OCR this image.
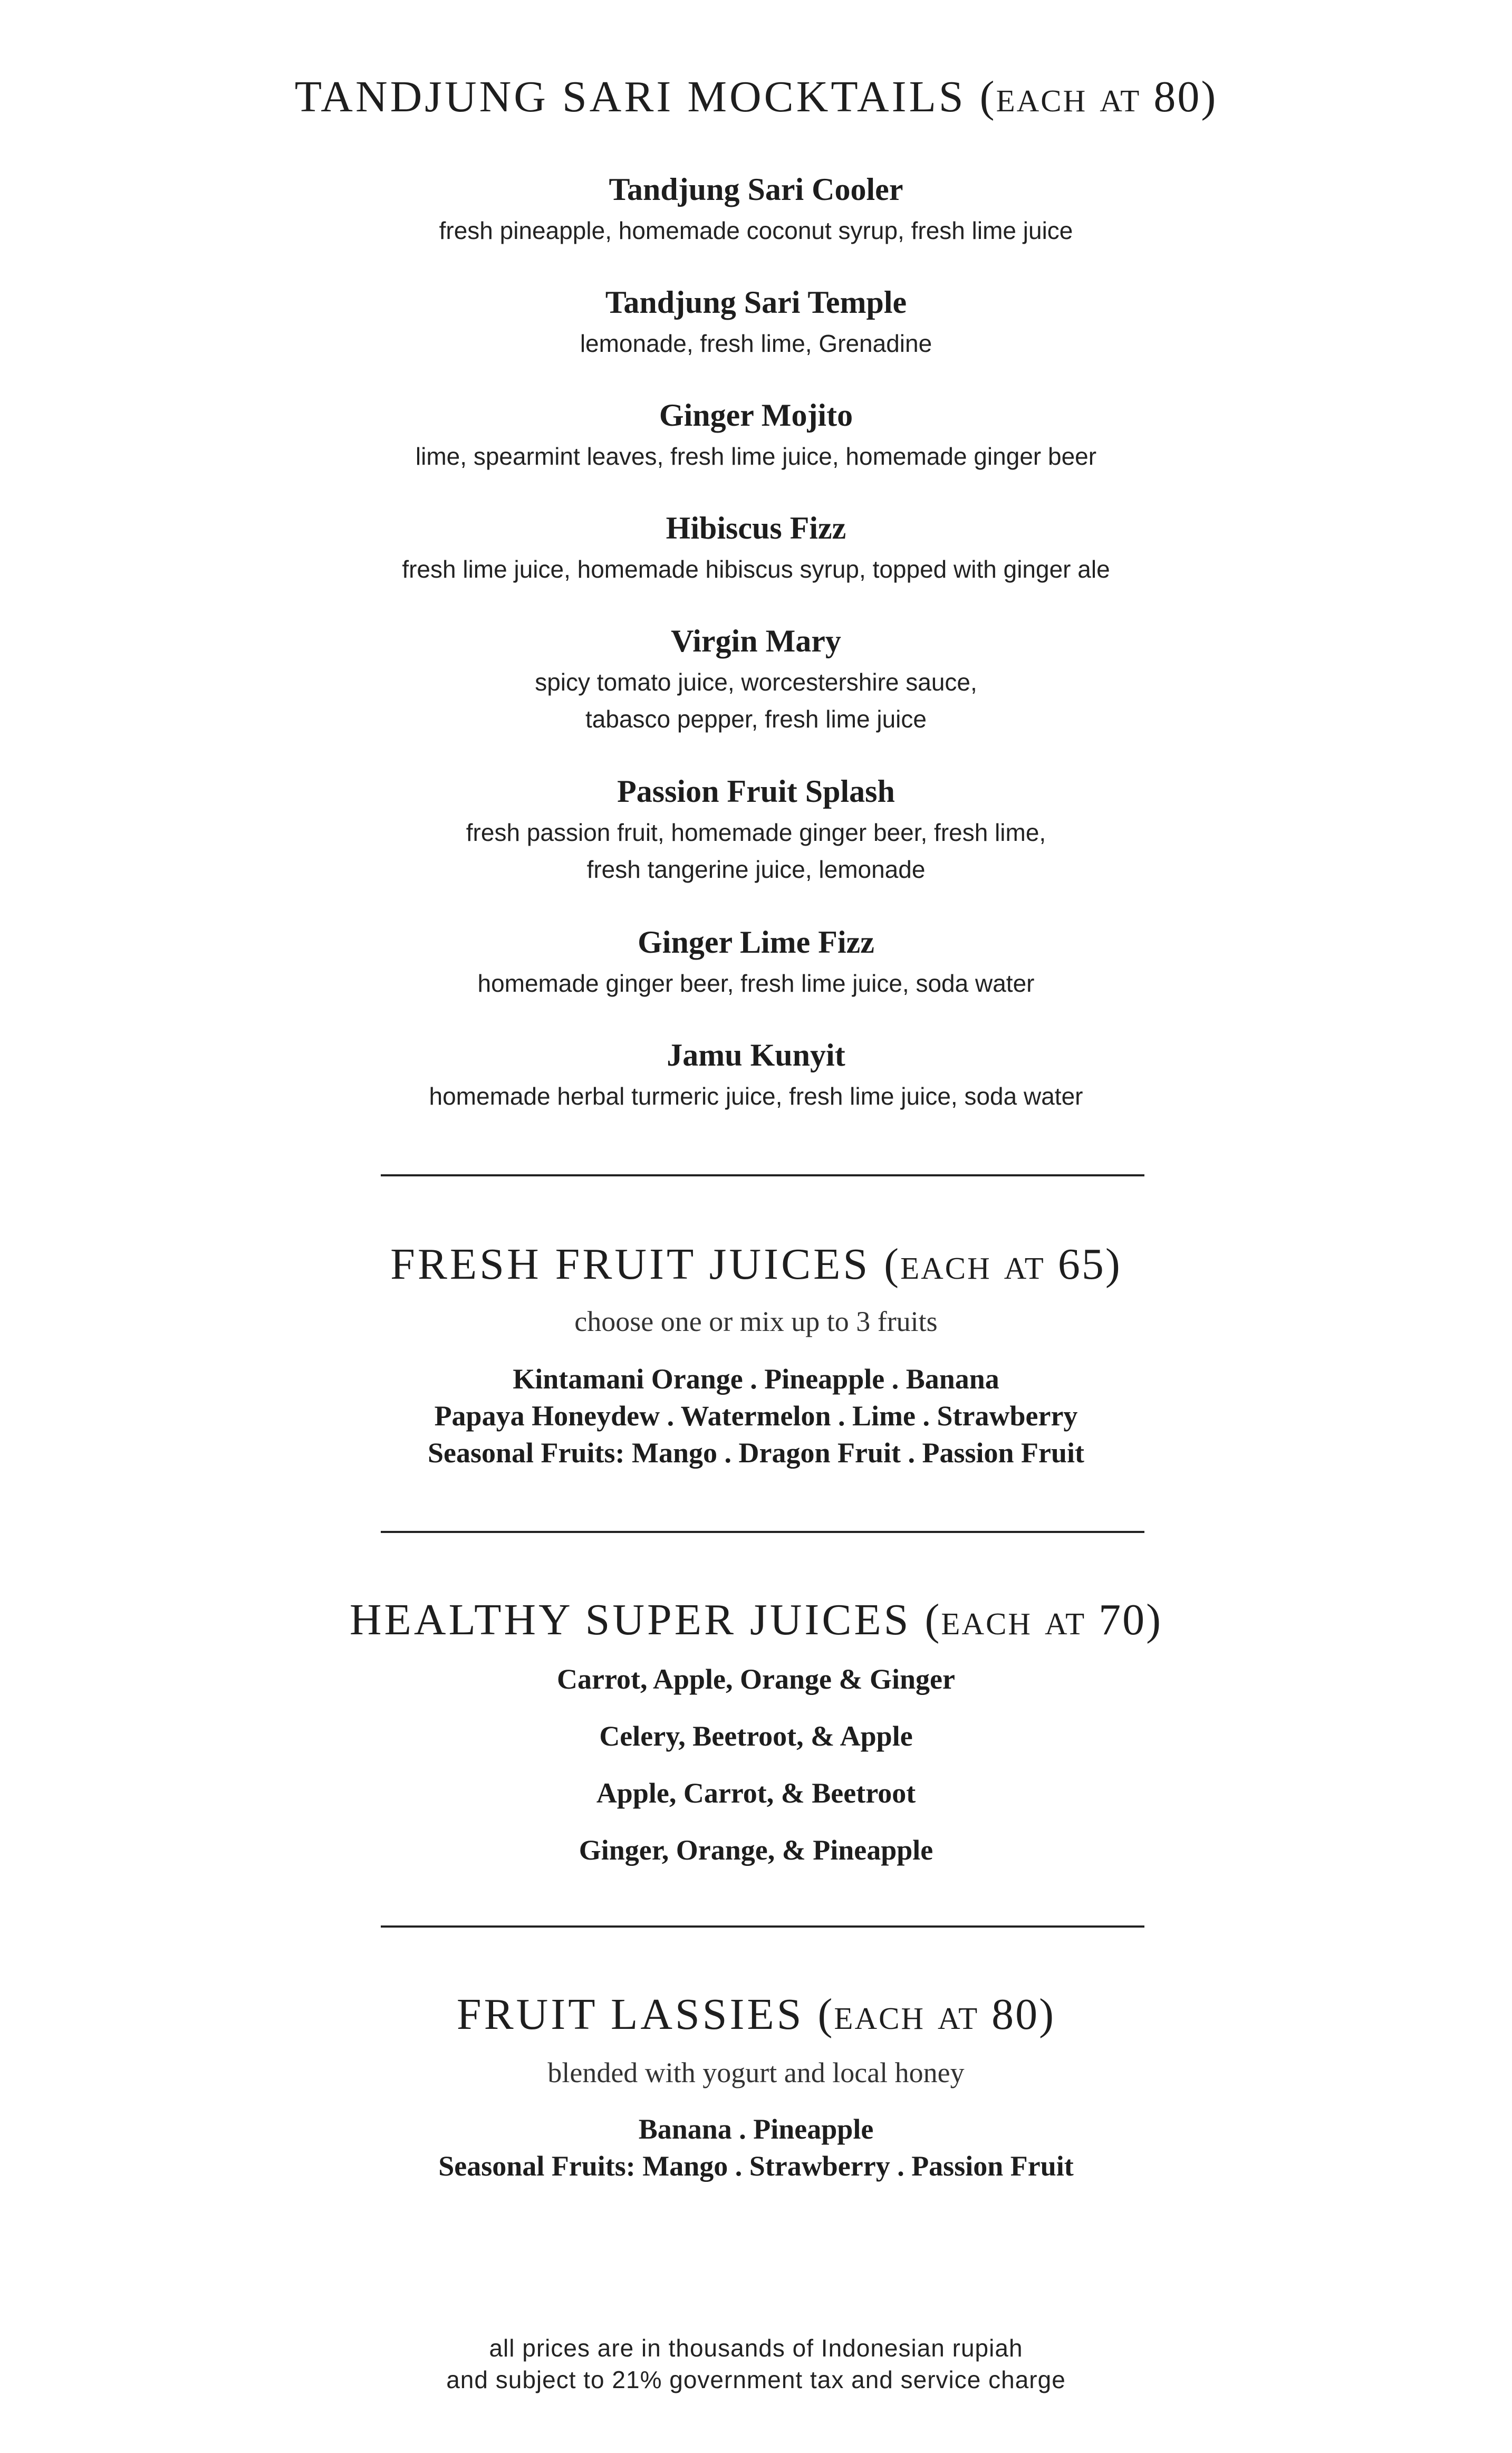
TANDJUNG SARI MOCKTAILS (each at 80)
Tandjung Sari Cooler
fresh pineapple, homemade coconut syrup, fresh lime juice
Tandjung Sari Temple
lemonade, fresh lime, Grenadine
Ginger Mojito
lime, spearmint leaves, fresh lime juice, homemade ginger beer
Hibiscus Fizz
fresh lime juice, homemade hibiscus syrup, topped with ginger ale
Virgin Mary
spicy tomato juice, worcestershire sauce,
tabasco pepper, fresh lime juice
Passion Fruit Splash
fresh passion fruit, homemade ginger beer, fresh lime,
fresh tangerine juice, lemonade
Ginger Lime Fizz
homemade ginger beer, fresh lime juice, soda water
Jamu Kunyit
homemade herbal turmeric juice, fresh lime juice, soda water
FRESH FRUIT JUICES (each at 65)
choose one or mix up to 3 fruits
Kintamani Orange . Pineapple . Banana
Papaya Honeydew . Watermelon . Lime . Strawberry
Seasonal Fruits: Mango . Dragon Fruit . Passion Fruit
HEALTHY SUPER JUICES (each at 70)
Carrot, Apple, Orange & Ginger
Celery, Beetroot, & Apple
Apple, Carrot, & Beetroot
Ginger, Orange, & Pineapple
FRUIT LASSIES (each at 80)
blended with yogurt and local honey
Banana . Pineapple
Seasonal Fruits: Mango . Strawberry . Passion Fruit
all prices are in thousands of Indonesian rupiah
and subject to 21% government tax and service charge
